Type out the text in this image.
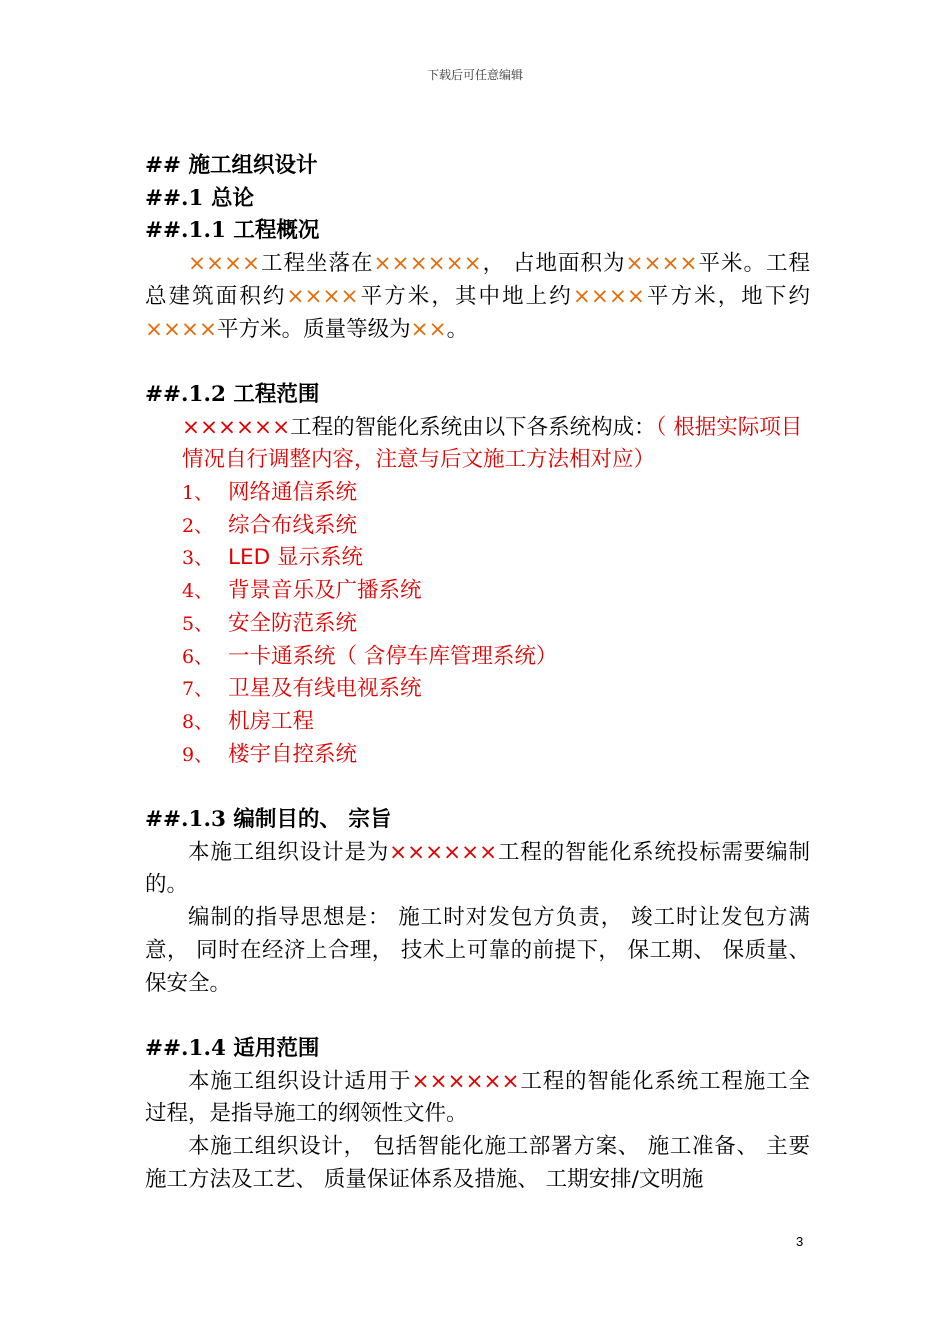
下载后可任意编辑
## 施工组织设计
##.1 总论
##.1.1 工程概况
××××工程坐落在××××××， 占地面积为××××平米。工程总建筑面积约××××平方米，其中地上约××××平方米，地下约××××平方米。质量等级为××。
##.1.2 工程范围
××××××工程的智能化系统由以下各系统构成：（ 根据实际项目情况自行调整内容，注意与后文施工方法相对应）
1、 网络通信系统
2、 综合布线系统
3、 LED 显示系统
4、 背景音乐及广播系统
5、 安全防范系统
6、 一卡通系统（ 含停车库管理系统）
7、 卫星及有线电视系统
8、 机房工程
9、 楼宇自控系统
##.1.3 编制目的、 宗旨
本施工组织设计是为××××××工程的智能化系统投标需要编制的。
编制的指导思想是： 施工时对发包方负责， 竣工时让发包方满意， 同时在经济上合理， 技术上可靠的前提下， 保工期、 保质量、 保安全。
##.1.4 适用范围
本施工组织设计适用于××××××工程的智能化系统工程施工全过程，是指导施工的纲领性文件。
本施工组织设计， 包括智能化施工部署方案、 施工准备、 主要施工方法及工艺、 质量保证体系及措施、 工期安排/文明施
3
